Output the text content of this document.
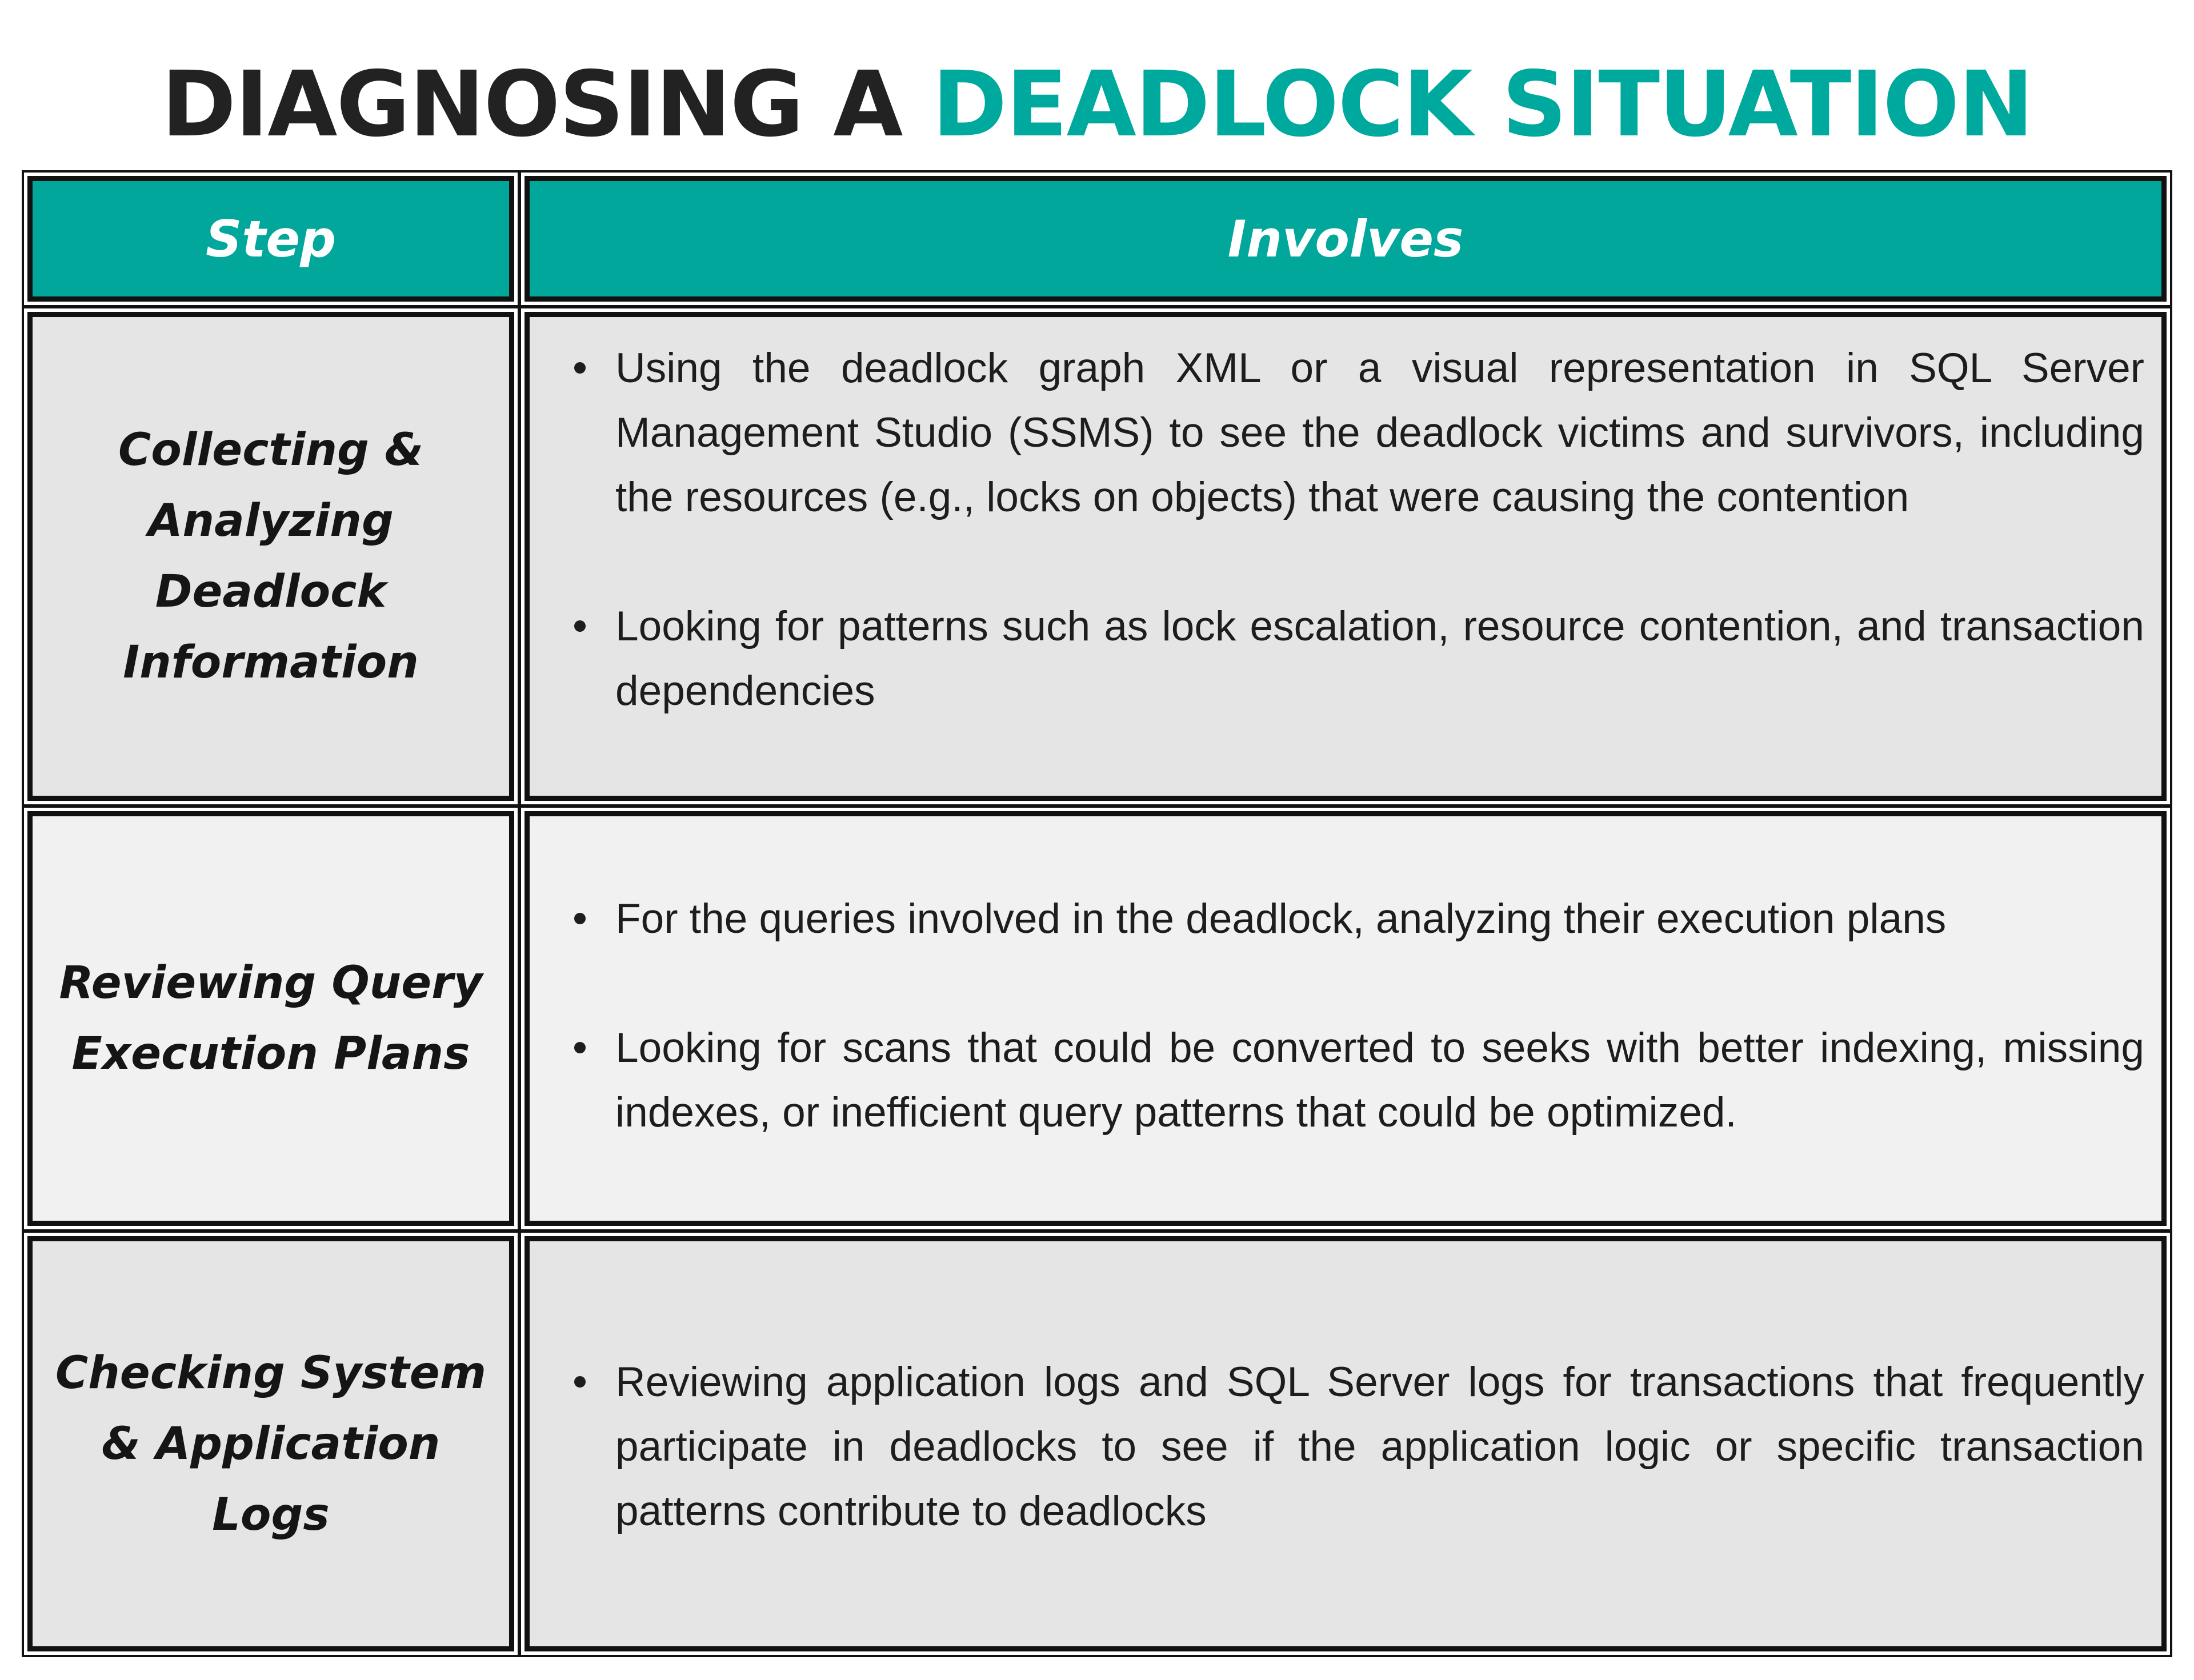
DIAGNOSING A DEADLOCK SITUATION
Step	Involves
Collecting & Analyzing Deadlock Information
Using the deadlock graph XML or a visual representation in SQL Server Management Studio (SSMS) to see the deadlock victims and survivors, including the resources (e.g., locks on objects) that were causing the contention
Looking for patterns such as lock escalation, resource contention, and transaction dependencies
Reviewing Query Execution Plans
For the queries involved in the deadlock, analyzing their execution plans
Looking for scans that could be converted to seeks with better indexing, missing indexes, or inefficient query patterns that could be optimized.
Checking System & Application Logs
Reviewing application logs and SQL Server logs for transactions that frequently participate in deadlocks to see if the application logic or specific transaction patterns contribute to deadlocks
